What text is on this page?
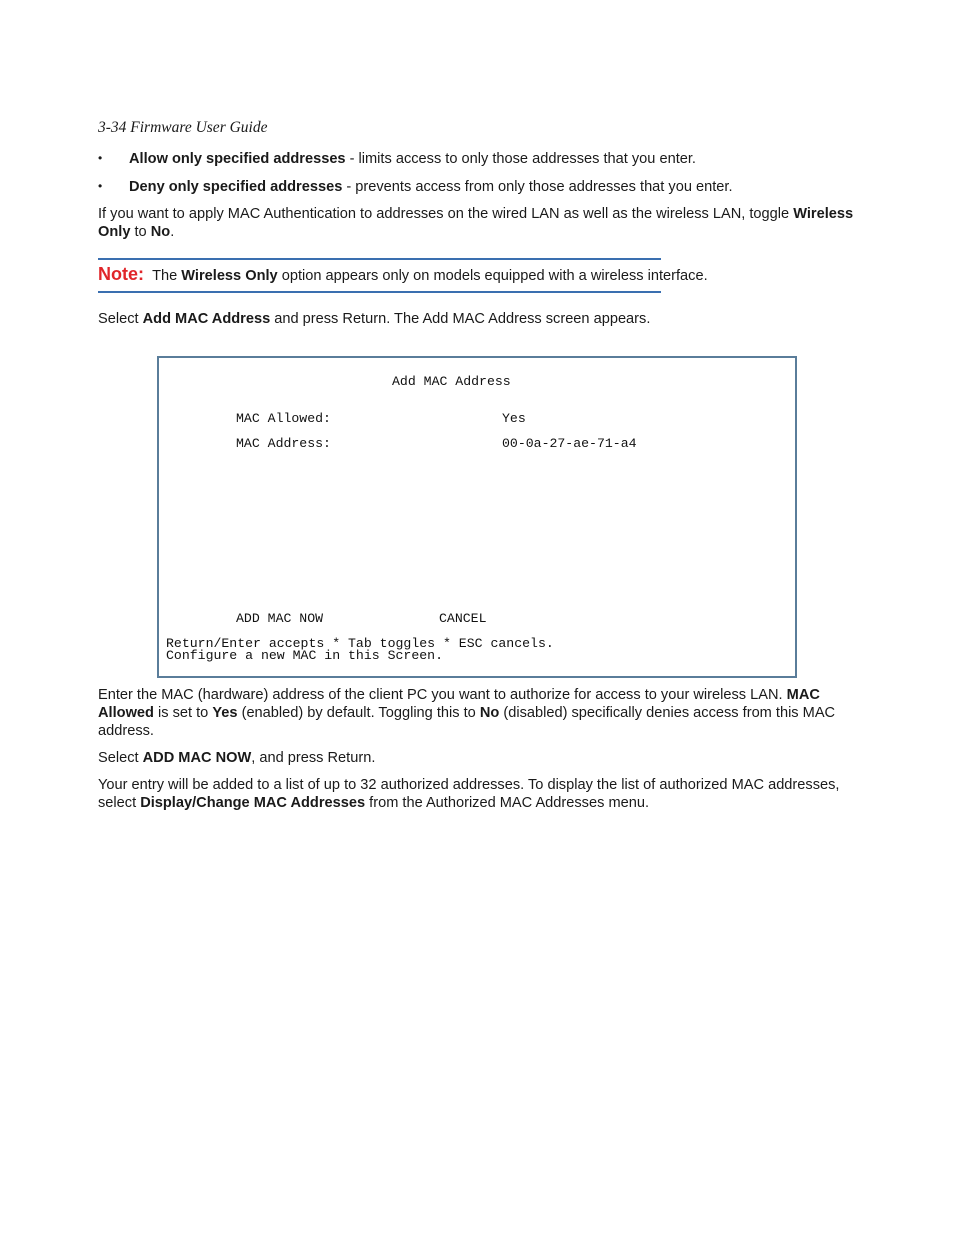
3-34 Firmware User Guide
• Allow only specified addresses - limits access to only those addresses that you enter.
• Deny only specified addresses - prevents access from only those addresses that you enter.
If you want to apply MAC Authentication to addresses on the wired LAN as well as the wireless LAN, toggle Wireless Only to No.
Note: The Wireless Only option appears only on models equipped with a wireless interface.
Select Add MAC Address and press Return. The Add MAC Address screen appears.
Add MAC Address
MAC Allowed:	Yes
MAC Address:	00-0a-27-ae-71-a4
ADD MAC NOW	CANCEL
Return/Enter accepts * Tab toggles * ESC cancels.
Configure a new MAC in this Screen.
Enter the MAC (hardware) address of the client PC you want to authorize for access to your wireless LAN. MAC Allowed is set to Yes (enabled) by default. Toggling this to No (disabled) specifically denies access from this MAC address.
Select ADD MAC NOW, and press Return.
Your entry will be added to a list of up to 32 authorized addresses. To display the list of authorized MAC addresses, select Display/Change MAC Addresses from the Authorized MAC Addresses menu.
